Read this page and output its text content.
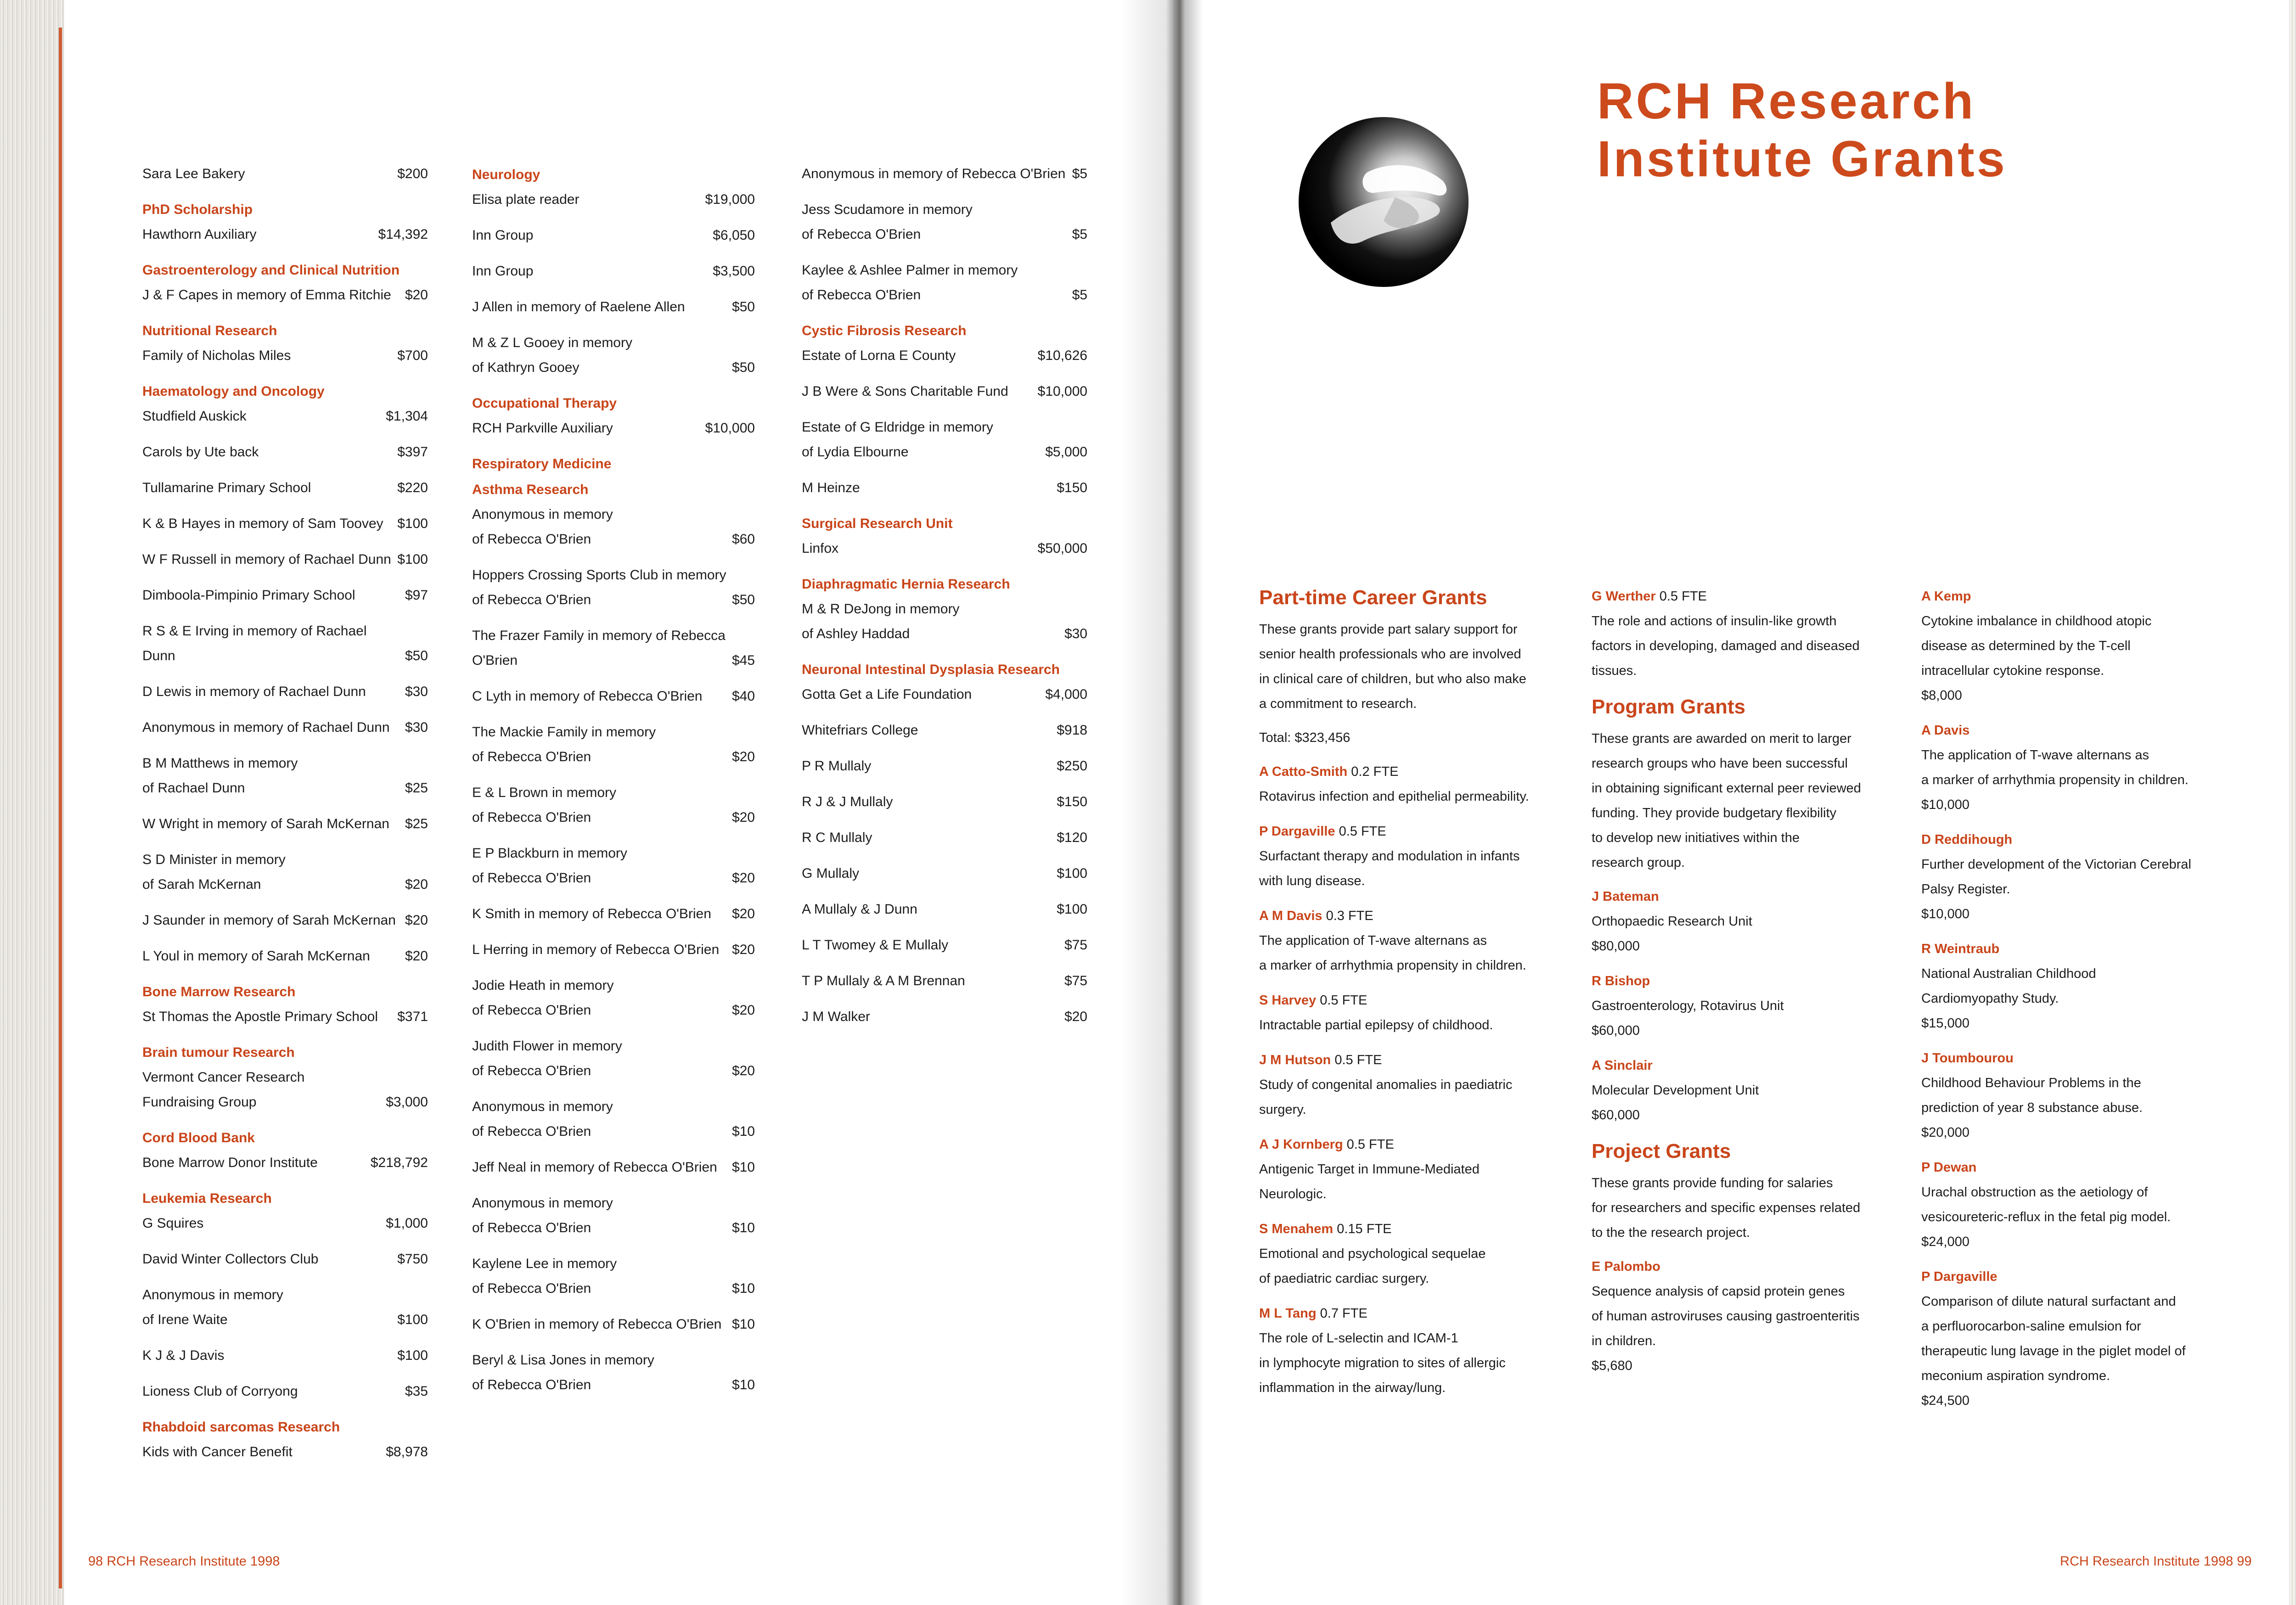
Sara Lee Bakery	$200
PhD Scholarship
Hawthorn Auxiliary	$14,392
Gastroenterology and Clinical Nutrition
J & F Capes in memory of Emma Ritchie	$20
Nutritional Research
Family of Nicholas Miles	$700
Haematology and Oncology
Studfield Auskick	$1,304
Carols by Ute back	$397
Tullamarine Primary School	$220
K & B Hayes in memory of Sam Toovey	$100
W F Russell in memory of Rachael Dunn $100
Dimboola-Pimpinio Primary School	$97
R S & E Irving in memory of Rachael Dunn	$50
D Lewis in memory of Rachael Dunn	$30
Anonymous in memory of Rachael Dunn	$30
B M Matthews in memory
of Rachael Dunn	$25
W Wright in memory of Sarah McKernan	$25
S D Minister in memory
of Sarah McKernan	$20
J Saunder in memory of Sarah McKernan $20
L Youl in memory of Sarah McKernan	$20
Bone Marrow Research
St Thomas the Apostle Primary School	$371
Brain tumour Research
Vermont Cancer Research
Fundraising Group	$3,000
Cord Blood Bank
Bone Marrow Donor Institute	$218,792
Leukemia Research
G Squires	$1,000
David Winter Collectors Club	$750
Anonymous in memory
of Irene Waite	$100
K J & J Davis	$100
Lioness Club of Corryong	$35
Rhabdoid sarcomas Research
Kids with Cancer Benefit	$8,978
Neurology
Elisa plate reader	$19,000
Inn Group	$6,050
Inn Group	$3,500
J Allen in memory of Raelene Allen	$50
M & Z L Gooey in memory
of Kathryn Gooey	$50
Occupational Therapy
RCH Parkville Auxiliary	$10,000
Respiratory Medicine
Asthma Research
Anonymous in memory
of Rebecca O'Brien	$60
Hoppers Crossing Sports Club in memory
of Rebecca O'Brien	$50
The Frazer Family in memory of Rebecca
O'Brien	$45
C Lyth in memory of Rebecca O'Brien	$40
The Mackie Family in memory
of Rebecca O'Brien	$20
E & L Brown in memory
of Rebecca O'Brien	$20
E P Blackburn in memory
of Rebecca O'Brien	$20
K Smith in memory of Rebecca O'Brien	$20
L Herring in memory of Rebecca O'Brien $20
Jodie Heath in memory
of Rebecca O'Brien	$20
Judith Flower in memory
of Rebecca O'Brien	$20
Anonymous in memory
of Rebecca O'Brien	$10
Jeff Neal in memory of Rebecca O'Brien	$10
Anonymous in memory
of Rebecca O'Brien	$10
Kaylene Lee in memory
of Rebecca O'Brien	$10
K O'Brien in memory of Rebecca O'Brien $10
Beryl & Lisa Jones in memory
of Rebecca O'Brien	$10
Anonymous in memory of Rebecca O'Brien $5
Jess Scudamore in memory
of Rebecca O'Brien	$5
Kaylee & Ashlee Palmer in memory
of Rebecca O'Brien	$5
Cystic Fibrosis Research
Estate of Lorna E County	$10,626
J B Were & Sons Charitable Fund	$10,000
Estate of G Eldridge in memory
of Lydia Elbourne	$5,000
M Heinze	$150
Surgical Research Unit
Linfox	$50,000
Diaphragmatic Hernia Research
M & R DeJong in memory
of Ashley Haddad	$30
Neuronal Intestinal Dysplasia Research
Gotta Get a Life Foundation	$4,000
Whitefriars College	$918
P R Mullaly	$250
R J & J Mullaly	$150
R C Mullaly	$120
G Mullaly	$100
A Mullaly & J Dunn	$100
L T Twomey & E Mullaly	$75
T P Mullaly & A M Brennan	$75
J M Walker	$20
98 RCH Research Institute 1998
RCH Research
Institute Grants
Part-time Career Grants
These grants provide part salary support for
senior health professionals who are involved
in clinical care of children, but who also make
a commitment to research.
Total: $323,456
A Catto-Smith 0.2 FTE
Rotavirus infection and epithelial permeability.
P Dargaville 0.5 FTE
Surfactant therapy and modulation in infants
with lung disease.
A M Davis 0.3 FTE
The application of T-wave alternans as
a marker of arrhythmia propensity in children.
S Harvey 0.5 FTE
Intractable partial epilepsy of childhood.
J M Hutson 0.5 FTE
Study of congenital anomalies in paediatric
surgery.
A J Kornberg 0.5 FTE
Antigenic Target in Immune-Mediated
Neurologic.
S Menahem 0.15 FTE
Emotional and psychological sequelae
of paediatric cardiac surgery.
M L Tang 0.7 FTE
The role of L-selectin and ICAM-1
in lymphocyte migration to sites of allergic
inflammation in the airway/lung.
G Werther 0.5 FTE
The role and actions of insulin-like growth
factors in developing, damaged and diseased
tissues.
Program Grants
These grants are awarded on merit to larger
research groups who have been successful
in obtaining significant external peer reviewed
funding. They provide budgetary flexibility
to develop new initiatives within the
research group.
J Bateman
Orthopaedic Research Unit
$80,000
R Bishop
Gastroenterology, Rotavirus Unit
$60,000
A Sinclair
Molecular Development Unit
$60,000
Project Grants
These grants provide funding for salaries
for researchers and specific expenses related
to the the research project.
E Palombo
Sequence analysis of capsid protein genes
of human astroviruses causing gastroenteritis
in children.
$5,680
A Kemp
Cytokine imbalance in childhood atopic
disease as determined by the T-cell
intracellular cytokine response.
$8,000
A Davis
The application of T-wave alternans as
a marker of arrhythmia propensity in children.
$10,000
D Reddihough
Further development of the Victorian Cerebral
Palsy Register.
$10,000
R Weintraub
National Australian Childhood
Cardiomyopathy Study.
$15,000
J Toumbourou
Childhood Behaviour Problems in the
prediction of year 8 substance abuse.
$20,000
P Dewan
Urachal obstruction as the aetiology of
vesicoureteric-reflux in the fetal pig model.
$24,000
P Dargaville
Comparison of dilute natural surfactant and
a perfluorocarbon-saline emulsion for
therapeutic lung lavage in the piglet model of
meconium aspiration syndrome.
$24,500
RCH Research Institute 1998 99
